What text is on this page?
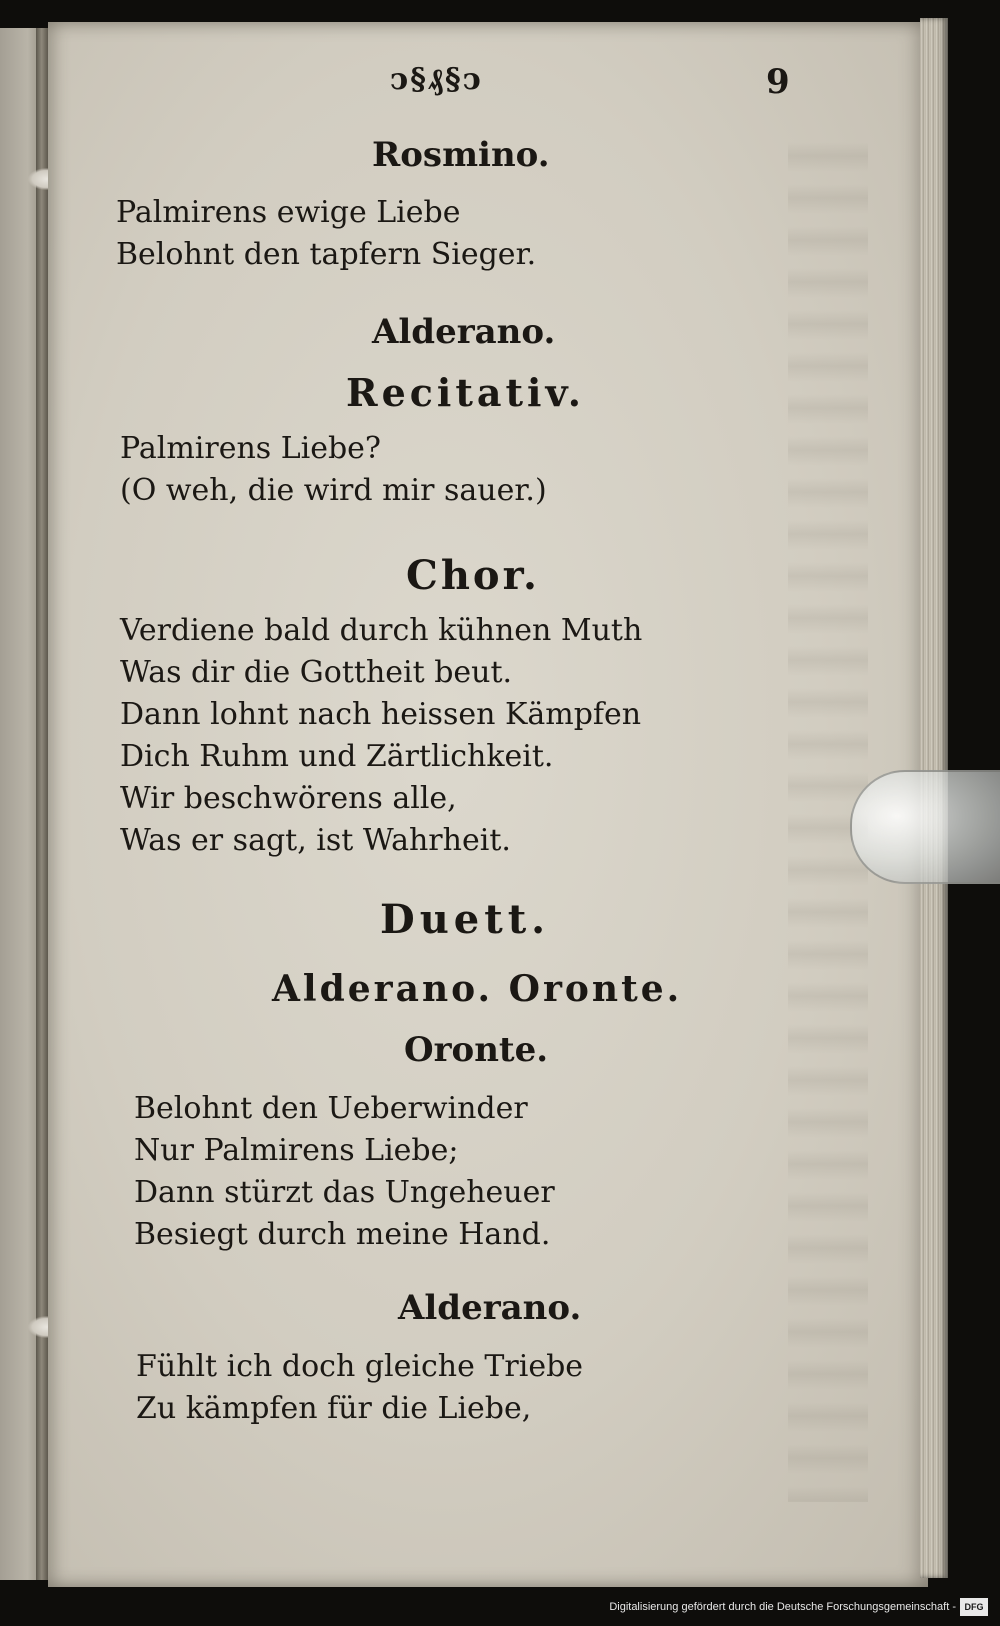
ↄ§₰§ↄ	9
Rosmino.
Palmirens ewige Liebe
Belohnt den tapfern Sieger.
Alderano.
Recitativ.
Palmirens Liebe?
(O weh, die wird mir sauer.)
Chor.
Verdiene bald durch kühnen Muth
Was dir die Gottheit beut.
Dann lohnt nach heissen Kämpfen
Dich Ruhm und Zärtlichkeit.
Wir beschwörens alle,
Was er sagt, ist Wahrheit.
Duett.
Alderano. Oronte.
Oronte.
Belohnt den Ueberwinder
Nur Palmirens Liebe;
Dann stürzt das Ungeheuer
Besiegt durch meine Hand.
Alderano.
Fühlt ich doch gleiche Triebe
Zu kämpfen für die Liebe,
Digitalisierung gefördert durch die Deutsche Forschungsgemeinschaft - DFG
